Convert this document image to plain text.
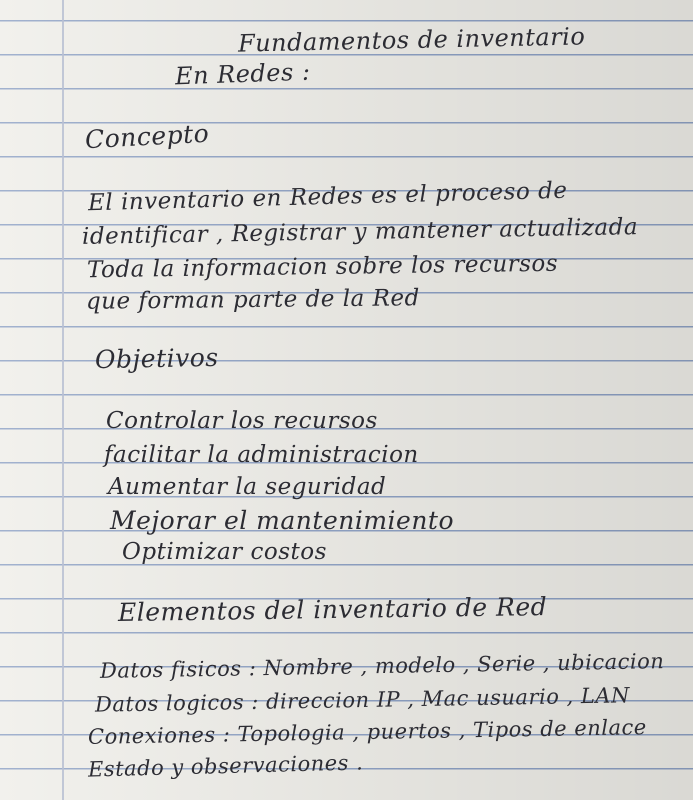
Fundamentos de inventario

En Redes :

Concepto

El inventario en Redes es el proceso de

identificar , Registrar y mantener actualizada

Toda la informacion sobre los recursos

que forman parte de la Red

Objetivos

Controlar los recursos

facilitar la administracion

Aumentar la seguridad

Mejorar el mantenimiento

Optimizar costos

Elementos del inventario de Red

Datos fisicos : Nombre , modelo , Serie , ubicacion

Datos logicos : direccion IP , Mac usuario , LAN

Conexiones : Topologia , puertos , Tipos de enlace

Estado y observaciones .
